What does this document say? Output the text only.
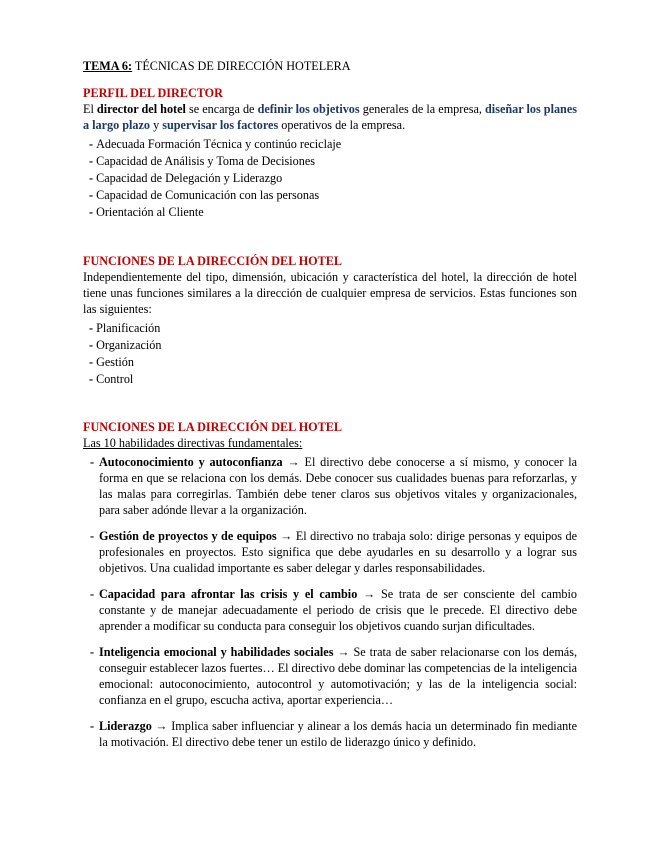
TEMA 6: TÉCNICAS DE DIRECCIÓN HOTELERA

PERFIL DEL DIRECTOR

El director del hotel se encarga de definir los objetivos generales de la empresa, diseñar los planes a largo plazo y supervisar los factores operativos de la empresa.

- Adecuada Formación Técnica y continúo reciclaje
- Capacidad de Análisis y Toma de Decisiones
- Capacidad de Delegación y Liderazgo
- Capacidad de Comunicación con las personas
- Orientación al Cliente

FUNCIONES DE LA DIRECCIÓN DEL HOTEL

Independientemente del tipo, dimensión, ubicación y característica del hotel, la dirección de hotel tiene unas funciones similares a la dirección de cualquier empresa de servicios. Estas funciones son las siguientes:

- Planificación
- Organización
- Gestión
- Control

FUNCIONES DE LA DIRECCIÓN DEL HOTEL

Las 10 habilidades directivas fundamentales:

- Autoconocimiento y autoconfianza → El directivo debe conocerse a sí mismo, y conocer la forma en que se relaciona con los demás. Debe conocer sus cualidades buenas para reforzarlas, y las malas para corregirlas. También debe tener claros sus objetivos vitales y organizacionales, para saber adónde llevar a la organización.
- Gestión de proyectos y de equipos → El directivo no trabaja solo: dirige personas y equipos de profesionales en proyectos. Esto significa que debe ayudarles en su desarrollo y a lograr sus objetivos. Una cualidad importante es saber delegar y darles responsabilidades.
- Capacidad para afrontar las crisis y el cambio → Se trata de ser consciente del cambio constante y de manejar adecuadamente el periodo de crisis que le precede. El directivo debe aprender a modificar su conducta para conseguir los objetivos cuando surjan dificultades.
- Inteligencia emocional y habilidades sociales → Se trata de saber relacionarse con los demás, conseguir establecer lazos fuertes… El directivo debe dominar las competencias de la inteligencia emocional: autoconocimiento, autocontrol y automotivación; y las de la inteligencia social: confianza en el grupo, escucha activa, aportar experiencia…
- Liderazgo → Implica saber influenciar y alinear a los demás hacia un determinado fin mediante la motivación. El directivo debe tener un estilo de liderazgo único y definido.
